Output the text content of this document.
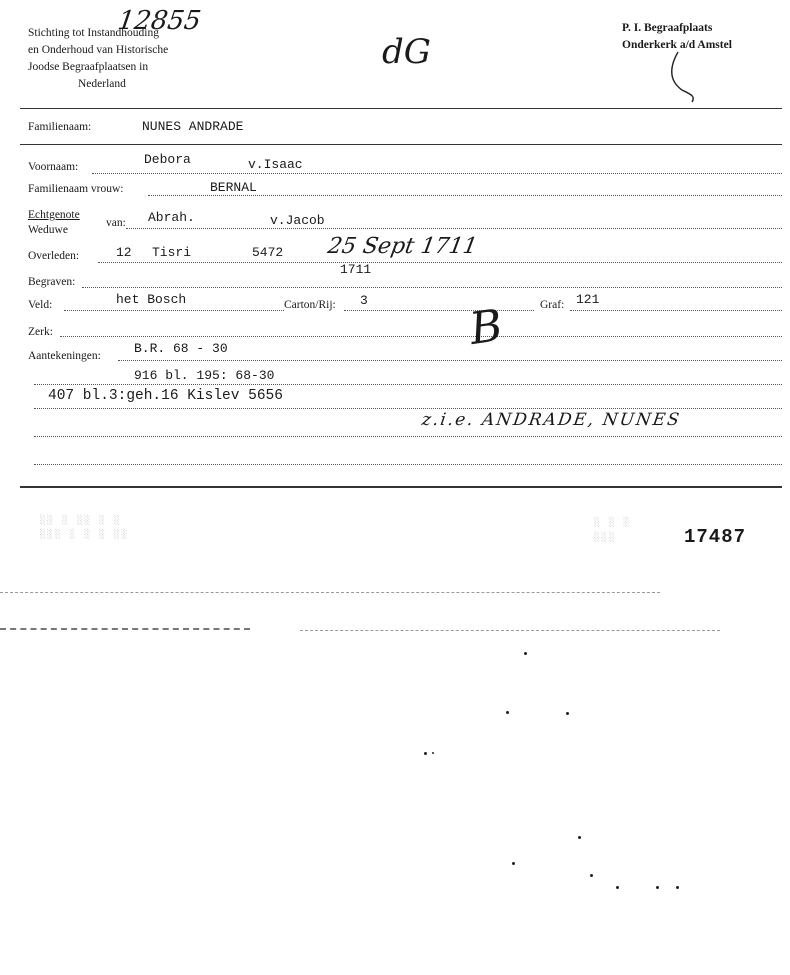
Stichting tot Instandhouding
en Onderhoud van Historische
Joodse Begraafplaatsen in
Nederland
12855
dG
P. I. Begraafplaats
Onderkerk a/d Amstel
Familienaam:	NUNES ANDRADE
Voornaam:	Debora	v.Isaac
Familienaam vrouw:	BERNAL
Echtgenote
Weduwe
van: Abrah.	v.Jacob
Overleden:	12 Tisri	5472 25 Sept 1711
1711
Begraven:
Veld:	het Bosch	Carton/Rij: 3	Graf: 121
Zerk:	B
Aantekeningen:	B.R. 68 - 30
916 bl. 195: 68-30
407 bl.3:geh.16 Kislev 5656
z.i.e. ANDRADE, NUNES
17487
░░ ░ ░░ ░ ░
░░░ ░ ░ ░ ░░
░ ░ ░
░░░
